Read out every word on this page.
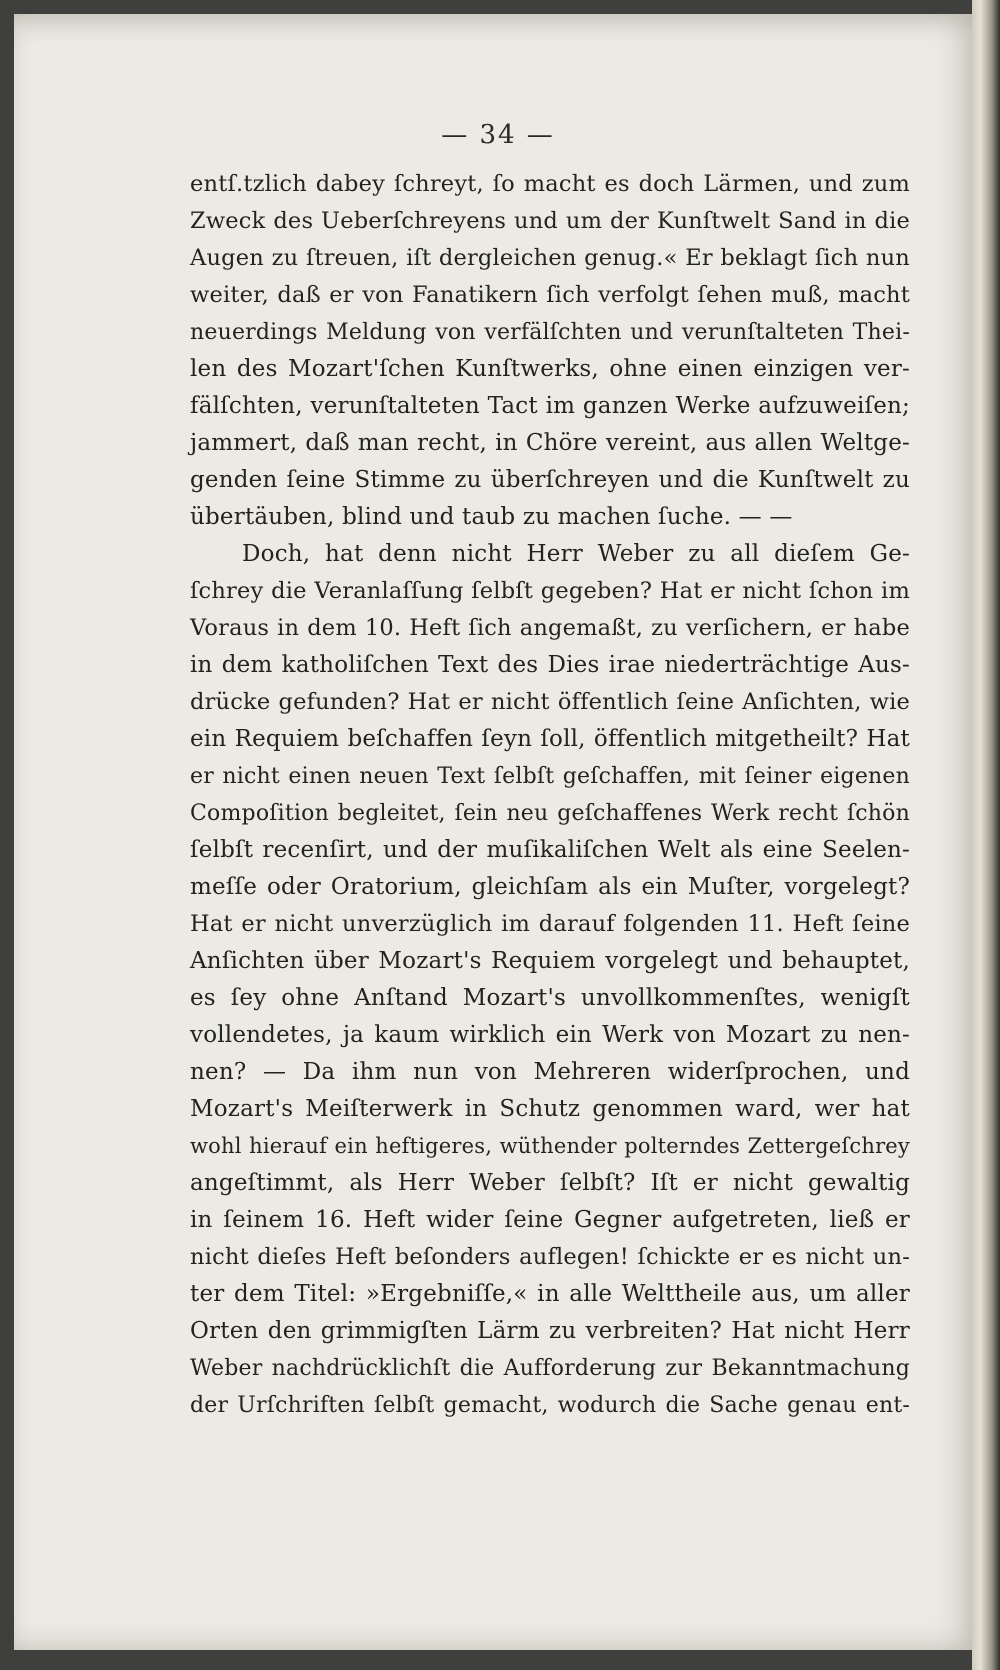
— 34 —
entſ.tzlich dabey ſchreyt, ſo macht es doch Lärmen, und zum
Zweck des Ueberſchreyens und um der Kunſtwelt Sand in die
Augen zu ſtreuen, iſt dergleichen genug.« Er beklagt ſich nun
weiter, daß er von Fanatikern ſich verfolgt ſehen muß, macht
neuerdings Meldung von verfälſchten und verunſtalteten Thei-
len des Mozart'ſchen Kunſtwerks, ohne einen einzigen ver-
fälſchten, verunſtalteten Tact im ganzen Werke aufzuweiſen;
jammert, daß man recht, in Chöre vereint, aus allen Weltge-
genden ſeine Stimme zu überſchreyen und die Kunſtwelt zu
übertäuben, blind und taub zu machen ſuche. — —
Doch, hat denn nicht Herr Weber zu all dieſem Ge-
ſchrey die Veranlaſſung ſelbſt gegeben? Hat er nicht ſchon im
Voraus in dem 10. Heft ſich angemaßt, zu verſichern, er habe
in dem katholiſchen Text des Dies irae niederträchtige Aus-
drücke gefunden? Hat er nicht öffentlich ſeine Anſichten, wie
ein Requiem beſchaffen ſeyn ſoll, öffentlich mitgetheilt? Hat
er nicht einen neuen Text ſelbſt geſchaffen, mit ſeiner eigenen
Compoſition begleitet, ſein neu geſchaffenes Werk recht ſchön
ſelbſt recenſirt, und der muſikaliſchen Welt als eine Seelen-
meſſe oder Oratorium, gleichſam als ein Muſter, vorgelegt?
Hat er nicht unverzüglich im darauf folgenden 11. Heft ſeine
Anſichten über Mozart's Requiem vorgelegt und behauptet,
es ſey ohne Anſtand Mozart's unvollkommenſtes, wenigſt
vollendetes, ja kaum wirklich ein Werk von Mozart zu nen-
nen? — Da ihm nun von Mehreren widerſprochen, und
Mozart's Meiſterwerk in Schutz genommen ward, wer hat
wohl hierauf ein heftigeres, wüthender polterndes Zettergeſchrey
angeſtimmt, als Herr Weber ſelbſt? Iſt er nicht gewaltig
in ſeinem 16. Heft wider ſeine Gegner aufgetreten, ließ er
nicht dieſes Heft beſonders auflegen! ſchickte er es nicht un-
ter dem Titel: »Ergebniſſe,« in alle Welttheile aus, um aller
Orten den grimmigſten Lärm zu verbreiten? Hat nicht Herr
Weber nachdrücklichſt die Aufforderung zur Bekanntmachung
der Urſchriften ſelbſt gemacht, wodurch die Sache genau ent-
